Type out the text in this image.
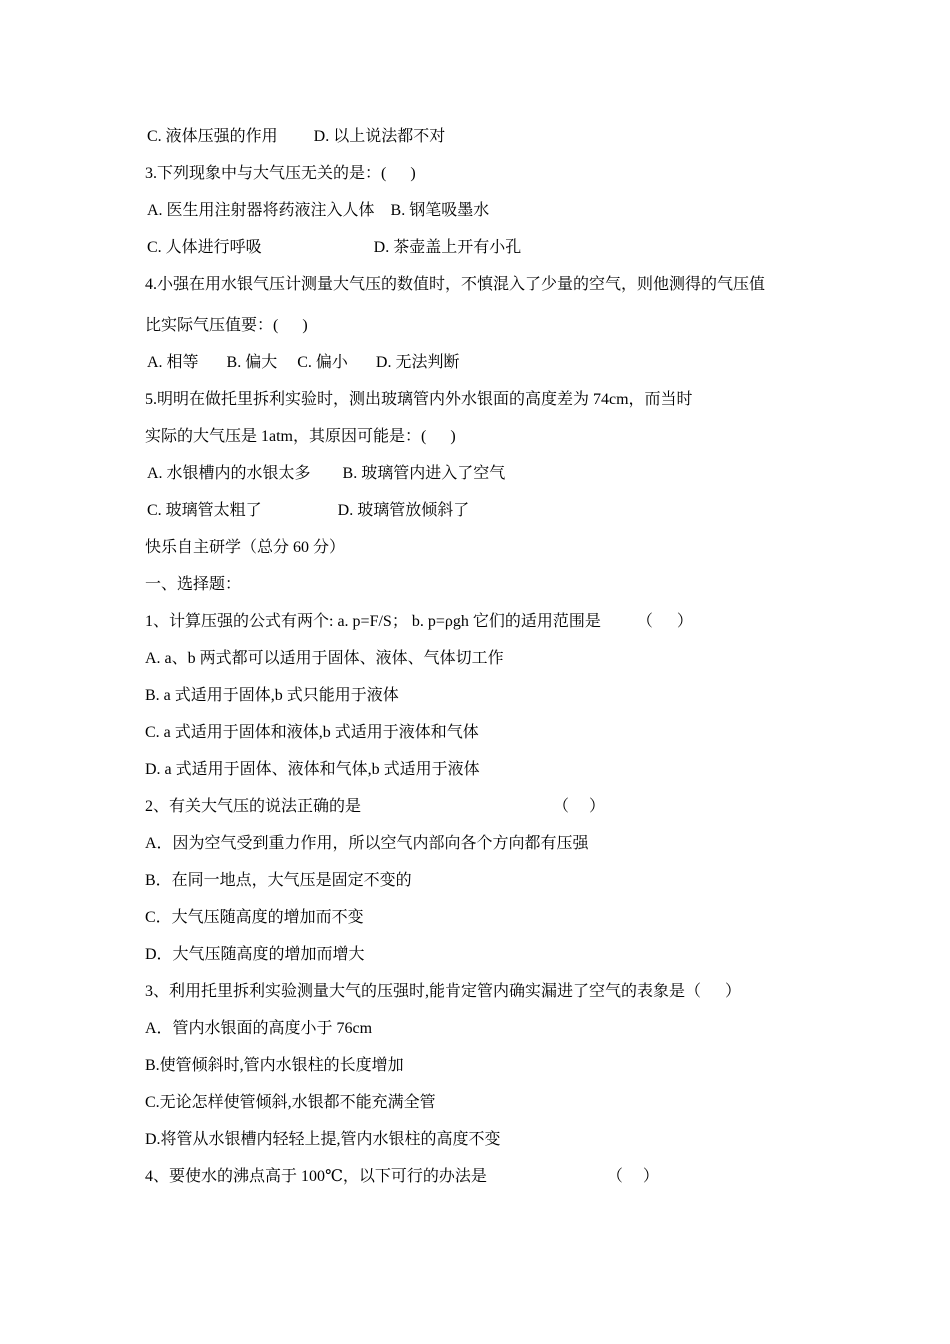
C. 液体压强的作用         D. 以上说法都不对
3.下列现象中与大气压无关的是：(      )
A. 医生用注射器将药液注入人体    B. 钢笔吸墨水
C. 人体进行呼吸                            D. 茶壶盖上开有小孔
4.小强在用水银气压计测量大气压的数值时，不慎混入了少量的空气，则他测得的气压值
比实际气压值要：(      )
A. 相等       B. 偏大     C. 偏小       D. 无法判断
5.明明在做托里拆利实验时，测出玻璃管内外水银面的高度差为 74cm，而当时
实际的大气压是 1atm，其原因可能是：(      )
A. 水银槽内的水银太多        B. 玻璃管内进入了空气
C. 玻璃管太粗了                   D. 玻璃管放倾斜了
快乐自主研学（总分 60 分）
一、选择题：
1、计算压强的公式有两个: a. p=F/S； b. p=ρgh 它们的适用范围是         （      ）
A. a、b 两式都可以适用于固体、液体、气体切工作
B. a 式适用于固体,b 式只能用于液体
C. a 式适用于固体和液体,b 式适用于液体和气体
D. a 式适用于固体、液体和气体,b 式适用于液体
2、有关大气压的说法正确的是                                                （     ）
A．因为空气受到重力作用，所以空气内部向各个方向都有压强
B．在同一地点，大气压是固定不变的
C．大气压随高度的增加而不变
D．大气压随高度的增加而增大
3、利用托里拆利实验测量大气的压强时,能肯定管内确实漏进了空气的表象是（      ）
A．管内水银面的高度小于 76cm
B.使管倾斜时,管内水银柱的长度增加
C.无论怎样使管倾斜,水银都不能充满全管
D.将管从水银槽内轻轻上提,管内水银柱的高度不变
4、要使水的沸点高于 100℃，以下可行的办法是                              （     ）
